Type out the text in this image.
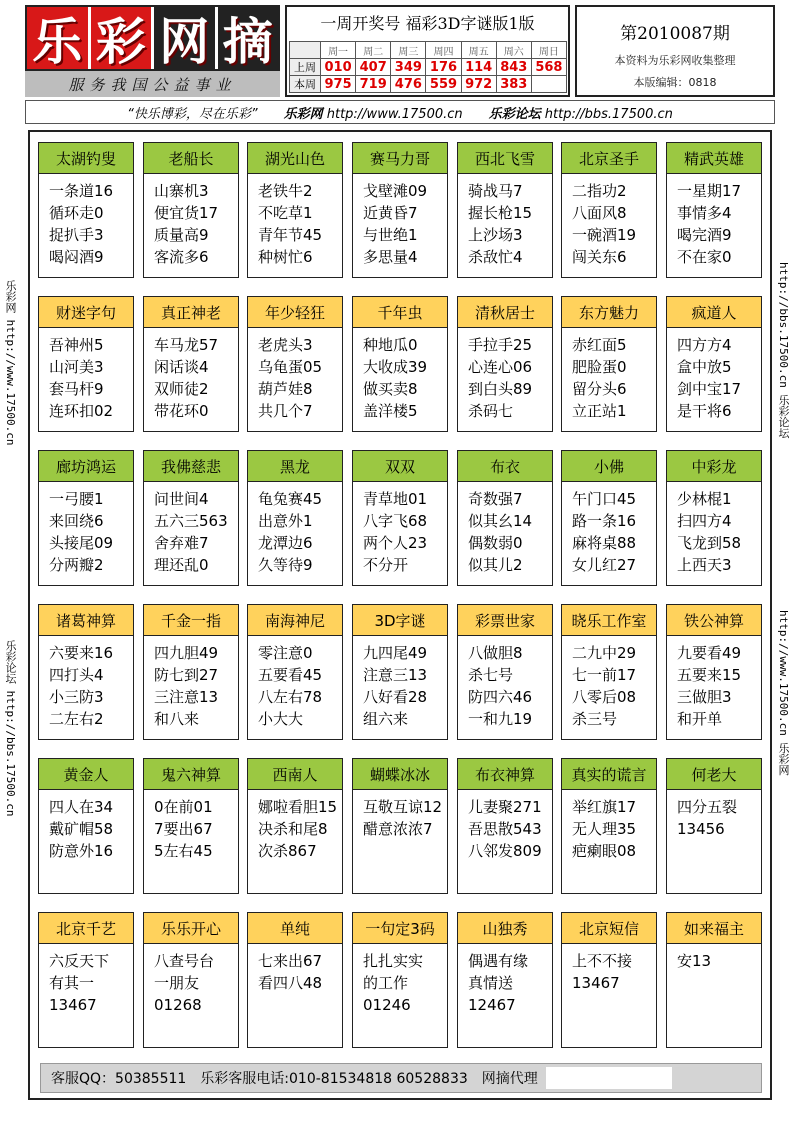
乐 彩 网 摘
服务我国公益事业
一周开奖号 福彩3D字谜版1版
	周一	周二	周三	周四	周五	周六	周日
上周	010	407	349	176	114	843	568
本周	975	719	476	559	972	383	
第2010087期
本资料为乐彩网收集整理
本版编辑：0818
“快乐博彩，尽在乐彩” 乐彩网 http://www.17500.cn 乐彩论坛 http://bbs.17500.cn
乐彩网 http://www.17500.cn
乐彩论坛 http://bbs.17500.cn
http://bbs.17500.cn 乐彩论坛
http://www.17500.cn 乐彩网
太湖钓叟
一条道16
循环走0
捉扒手3
喝闷酒9
老船长
山寨机3
便宜货17
质量高9
客流多6
湖光山色
老铁牛2
不吃草1
青年节45
种树忙6
赛马力哥
戈壁滩09
近黄昏7
与世绝1
多思量4
西北飞雪
骑战马7
握长枪15
上沙场3
杀敌忙4
北京圣手
二指功2
八面风8
一碗酒19
闯关东6
精武英雄
一星期17
事情多4
喝完酒9
不在家0
财迷字句
吾神州5
山河美3
套马杆9
连环扣02
真正神老
车马龙57
闲话谈4
双师徒2
带花环0
年少轻狂
老虎头3
乌龟蛋05
葫芦娃8
共几个7
千年虫
种地瓜0
大收成39
做买卖8
盖洋楼5
清秋居士
手拉手25
心连心06
到白头89
杀码七
东方魅力
赤红面5
肥脸蛋0
留分头6
立正站1
疯道人
四方方4
盒中放5
剑中宝17
是干将6
廊坊鸿运
一弓腰1
来回绕6
头接尾09
分两瓣2
我佛慈悲
问世间4
五六三563
舍弃难7
理还乱0
黑龙
龟兔赛45
出意外1
龙潭边6
久等待9
双双
青草地01
八字飞68
两个人23
不分开
布衣
奇数强7
似其幺14
偶数弱0
似其儿2
小佛
午门口45
路一条16
麻将桌88
女儿红27
中彩龙
少林棍1
扫四方4
飞龙到58
上西天3
诸葛神算
六要来16
四打头4
小三防3
二左右2
千金一指
四九胆49
防七到27
三注意13
和八来
南海神尼
零注意0
五要看45
八左右78
小大大
3D字谜
九四尾49
注意三13
八好看28
组六来
彩票世家
八做胆8
杀七号
防四六46
一和九19
晓乐工作室
二九中29
七一前17
八零后08
杀三号
铁公神算
九要看49
五要来15
三做胆3
和开单
黄金人
四人在34
戴矿帽58
防意外16
鬼六神算
0在前01
7要出67
5左右45
西南人
娜啦看胆15
决杀和尾8
次杀867
蝴蝶冰冰
互敬互谅12
醋意浓浓7
布衣神算
儿妻聚271
吾思散543
八邻发809
真实的谎言
举红旗17
无人理35
疤瘌眼08
何老大
四分五裂
13456
北京千艺
六反天下
有其一
13467
乐乐开心
八查号台
一朋友
01268
单纯
七来出67
看四八48
一句定3码
扎扎实实
的工作
01246
山独秀
偶遇有缘
真情送
12467
北京短信
上不不接
13467
如来福主
安13
客服QQ：50385511 乐彩客服电话:010-81534818 60528833 网摘代理
